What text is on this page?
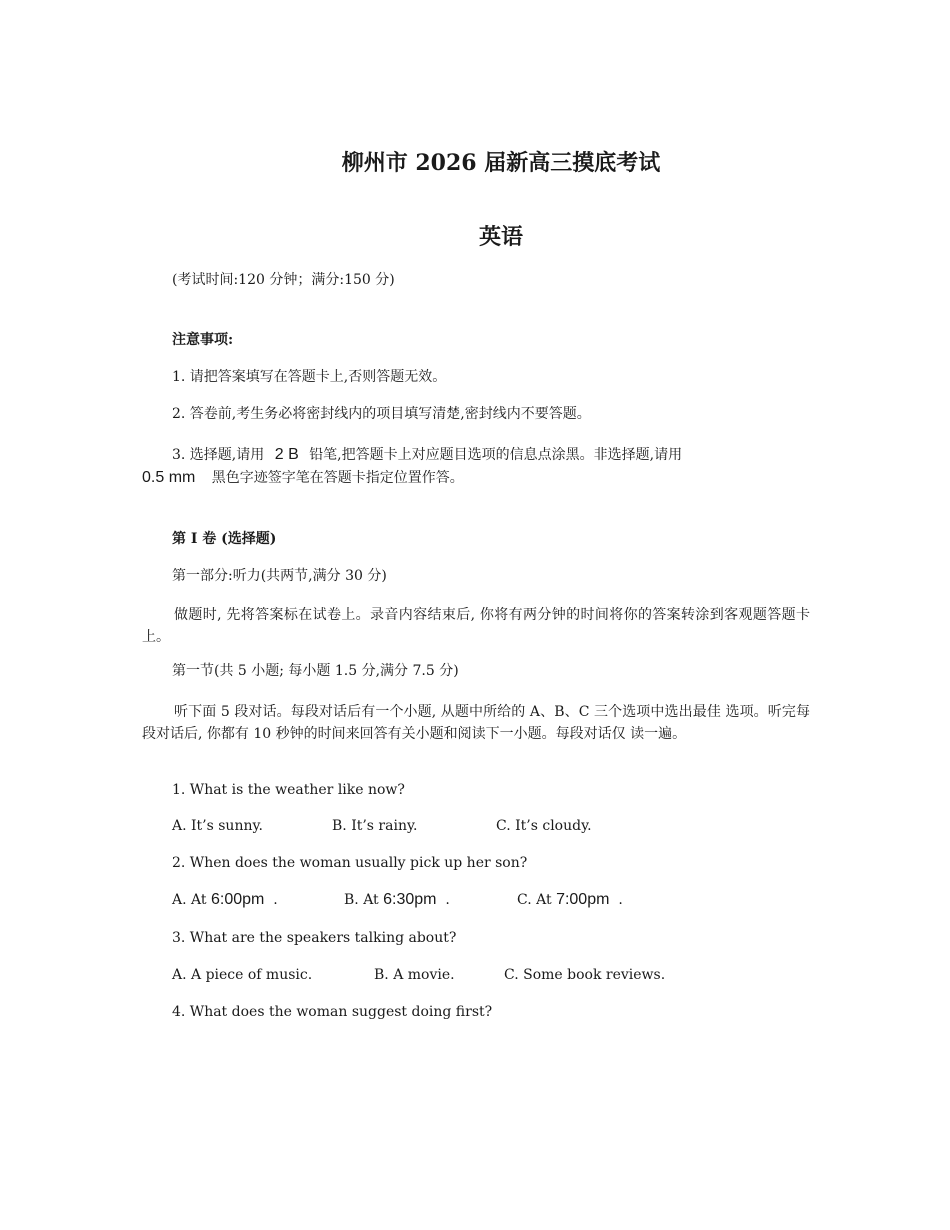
柳州市 2026 届新高三摸底考试
英语
(考试时间:120 分钟；满分:150 分)
注意事项:
1. 请把答案填写在答题卡上,否则答题无效。
2. 答卷前,考生务必将密封线内的项目填写清楚,密封线内不要答题。
3. 选择题,请用 2 B 铅笔,把答题卡上对应题目选项的信息点涂黑。非选择题,请用
0.5 mm 黑色字迹签字笔在答题卡指定位置作答。
第 I 卷 (选择题)
第一部分:听力(共两节,满分 30 分)
做题时, 先将答案标在试卷上。录音内容结束后, 你将有两分钟的时间将你的答案转涂到客观题答题卡上。
第一节(共 5 小题; 每小题 1.5 分,满分 7.5 分)
听下面 5 段对话。每段对话后有一个小题, 从题中所给的 A、B、C 三个选项中选出最佳 选项。听完每段对话后, 你都有 10 秒钟的时间来回答有关小题和阅读下一小题。每段对话仅 读一遍。
1. What is the weather like now?
A. It’s sunny.	B. It’s rainy.	C. It’s cloudy.
2. When does the woman usually pick up her son?
A. At 6:00pm .	B. At 6:30pm .	C. At 7:00pm .
3. What are the speakers talking about?
A. A piece of music.	B. A movie.	C. Some book reviews.
4. What does the woman suggest doing first?
